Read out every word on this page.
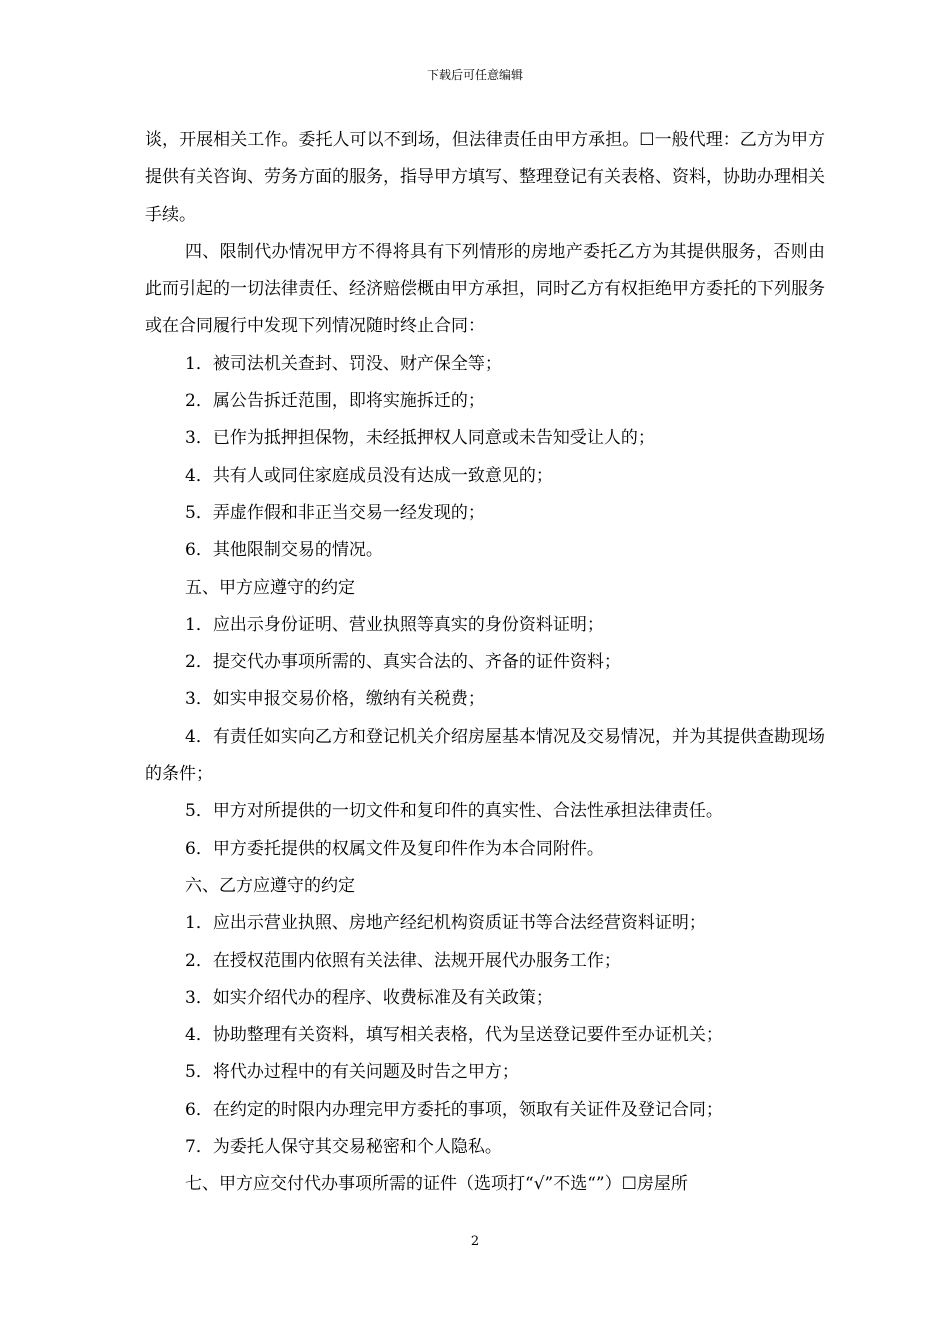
下载后可任意编辑

谈，开展相关工作。委托人可以不到场，但法律责任由甲方承担。☐一般代理：乙方为甲方提供有关咨询、劳务方面的服务，指导甲方填写、整理登记有关表格、资料，协助办理相关手续。

四、限制代办情况甲方不得将具有下列情形的房地产委托乙方为其提供服务，否则由此而引起的一切法律责任、经济赔偿概由甲方承担，同时乙方有权拒绝甲方委托的下列服务或在合同履行中发现下列情况随时终止合同：

1．被司法机关查封、罚没、财产保全等；

2．属公告拆迁范围，即将实施拆迁的；

3．已作为抵押担保物，未经抵押权人同意或未告知受让人的；

4．共有人或同住家庭成员没有达成一致意见的；

5．弄虚作假和非正当交易一经发现的；

6．其他限制交易的情况。

五、甲方应遵守的约定

1．应出示身份证明、营业执照等真实的身份资料证明；

2．提交代办事项所需的、真实合法的、齐备的证件资料；

3．如实申报交易价格，缴纳有关税费；

4．有责任如实向乙方和登记机关介绍房屋基本情况及交易情况，并为其提供查勘现场的条件；

5．甲方对所提供的一切文件和复印件的真实性、合法性承担法律责任。

6．甲方委托提供的权属文件及复印件作为本合同附件。

六、乙方应遵守的约定

1．应出示营业执照、房地产经纪机构资质证书等合法经营资料证明；

2．在授权范围内依照有关法律、法规开展代办服务工作；

3．如实介绍代办的程序、收费标准及有关政策；

4．协助整理有关资料，填写相关表格，代为呈送登记要件至办证机关；

5．将代办过程中的有关问题及时告之甲方；

6．在约定的时限内办理完甲方委托的事项，领取有关证件及登记合同；

7．为委托人保守其交易秘密和个人隐私。

七、甲方应交付代办事项所需的证件（选项打“√”不选“”）☐房屋所

2
